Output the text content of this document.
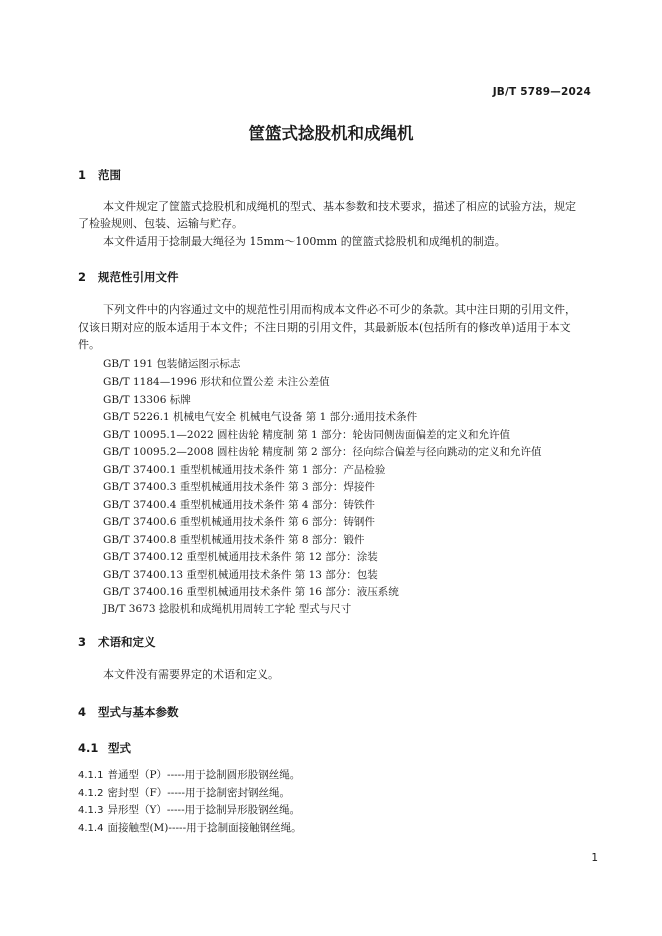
JB/T 5789—2024
筐篮式捻股机和成绳机
1 范围
本文件规定了筐篮式捻股机和成绳机的型式、基本参数和技术要求，描述了相应的试验方法，规定
了检验规则、包装、运输与贮存。
本文件适用于捻制最大绳径为 15mm～100mm 的筐篮式捻股机和成绳机的制造。
2 规范性引用文件
下列文件中的内容通过文中的规范性引用而构成本文件必不可少的条款。其中注日期的引用文件，
仅该日期对应的版本适用于本文件；不注日期的引用文件，其最新版本(包括所有的修改单)适用于本文
件。
GB/T 191 包装储运图示标志
GB/T 1184—1996 形状和位置公差 未注公差值
GB/T 13306 标牌
GB/T 5226.1 机械电气安全 机械电气设备 第 1 部分:通用技术条件
GB/T 10095.1—2022 圆柱齿轮 精度制 第 1 部分：轮齿同侧齿面偏差的定义和允许值
GB/T 10095.2—2008 圆柱齿轮 精度制 第 2 部分：径向综合偏差与径向跳动的定义和允许值
GB/T 37400.1 重型机械通用技术条件 第 1 部分：产品检验
GB/T 37400.3 重型机械通用技术条件 第 3 部分：焊接件
GB/T 37400.4 重型机械通用技术条件 第 4 部分：铸铁件
GB/T 37400.6 重型机械通用技术条件 第 6 部分：铸钢件
GB/T 37400.8 重型机械通用技术条件 第 8 部分：锻件
GB/T 37400.12 重型机械通用技术条件 第 12 部分：涂装
GB/T 37400.13 重型机械通用技术条件 第 13 部分：包装
GB/T 37400.16 重型机械通用技术条件 第 16 部分：液压系统
JB/T 3673 捻股机和成绳机用周转工字轮 型式与尺寸
3 术语和定义
本文件没有需要界定的术语和定义。
4 型式与基本参数
4.1 型式
4.1.1 普通型（P）-----用于捻制圆形股钢丝绳。
4.1.2 密封型（F）-----用于捻制密封钢丝绳。
4.1.3 异形型（Y）-----用于捻制异形股钢丝绳。
4.1.4 面接触型(M)-----用于捻制面接触钢丝绳。
1
